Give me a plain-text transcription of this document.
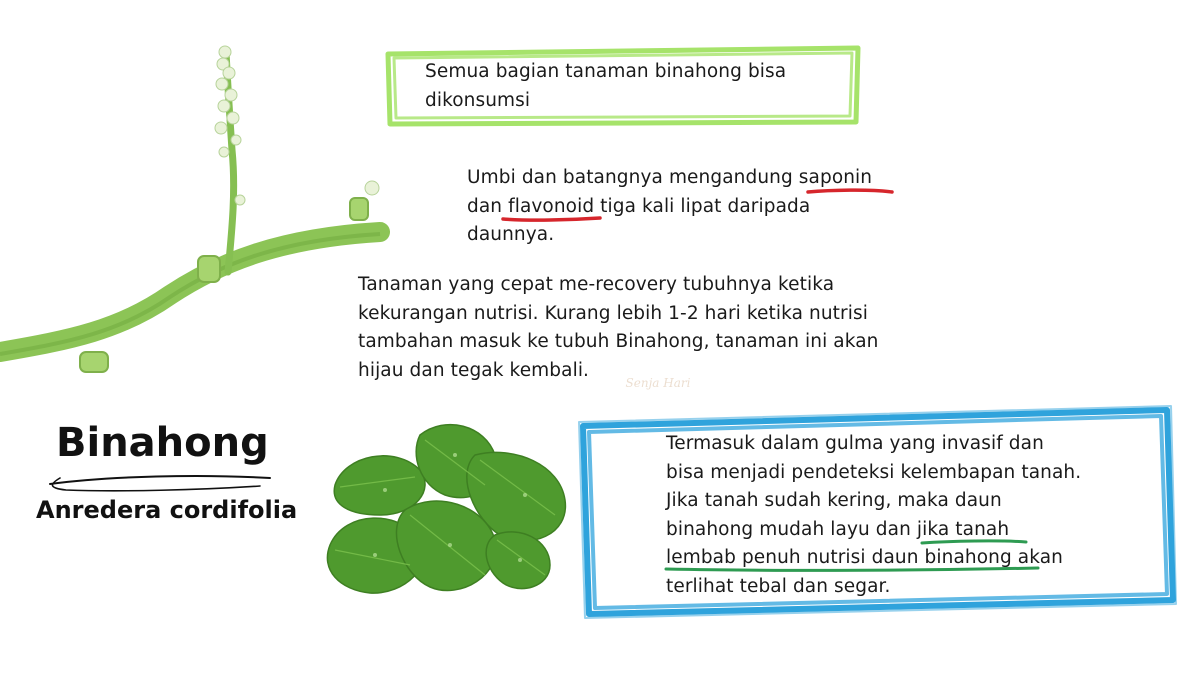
Semua bagian tanaman binahong bisa
dikonsumsi
Umbi dan batangnya mengandung saponin
dan flavonoid tiga kali lipat daripada
daunnya.
Tanaman yang cepat me-recovery tubuhnya ketika
kekurangan nutrisi. Kurang lebih 1-2 hari ketika nutrisi
tambahan masuk ke tubuh Binahong, tanaman ini akan
hijau dan tegak kembali.
Senja Hari
Termasuk dalam gulma yang invasif dan
bisa menjadi pendeteksi kelembapan tanah.
Jika tanah sudah kering, maka daun
binahong mudah layu dan jika tanah
lembab penuh nutrisi daun binahong akan
terlihat tebal dan segar.
Binahong
Anredera cordifolia
